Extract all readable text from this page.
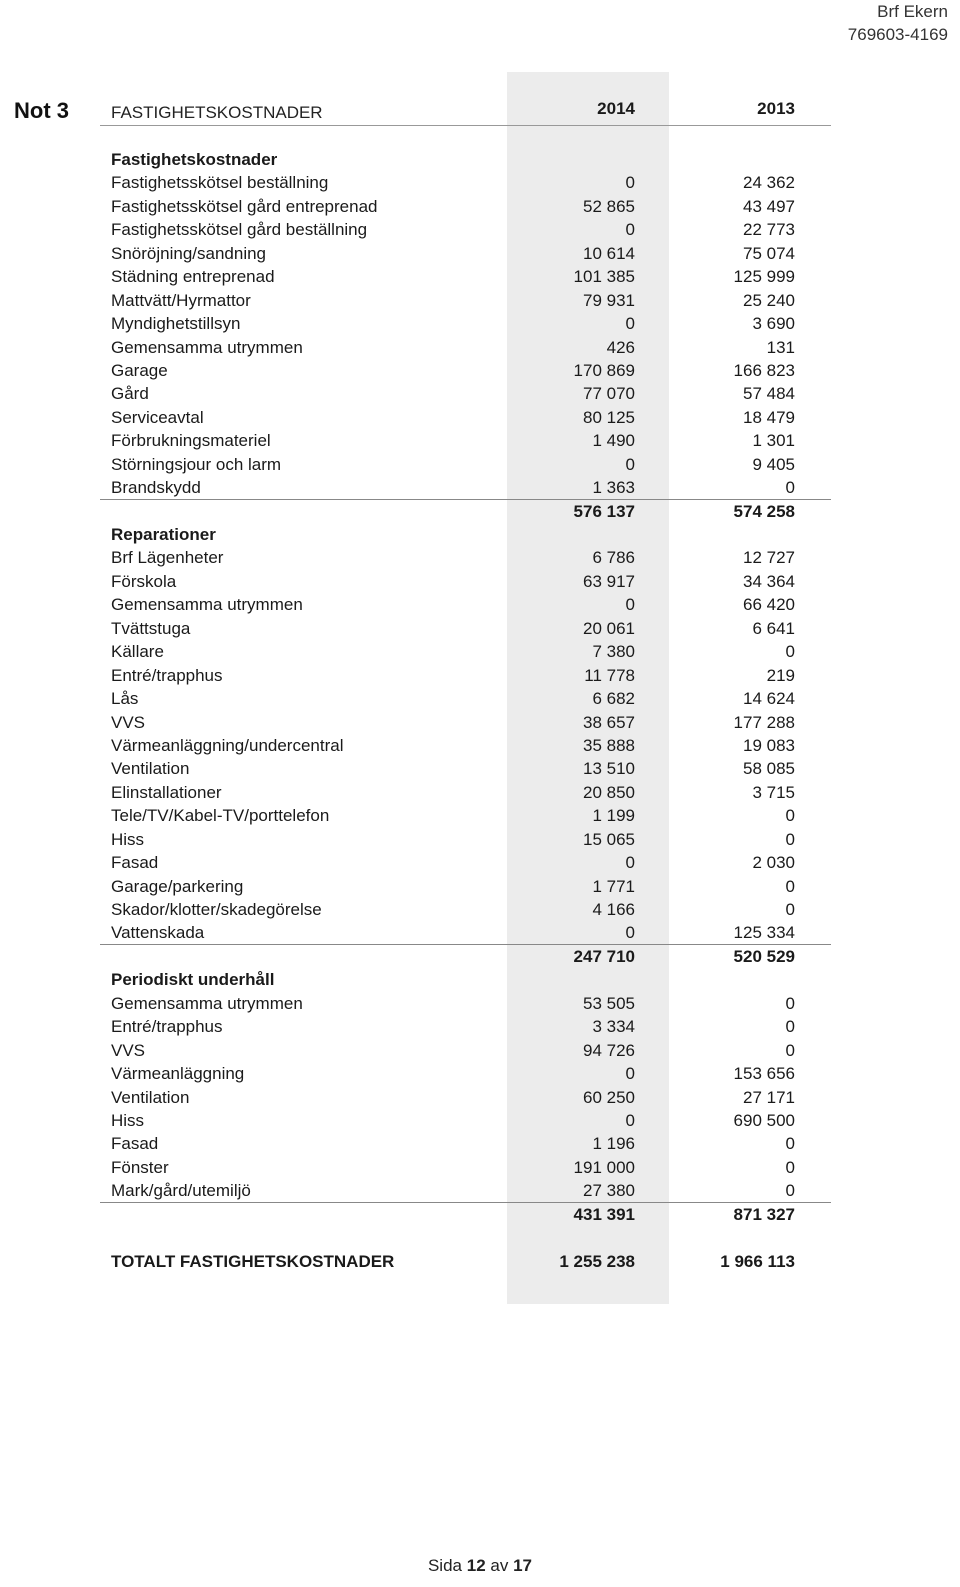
Brf Ekern
769603-4169
Not 3 FASTIGHETSKOSTNADER	2014	2013
Fastighetskostnader
Fastighetsskötsel beställning	0	24 362
Fastighetsskötsel gård entreprenad	52 865	43 497
Fastighetsskötsel gård beställning	0	22 773
Snöröjning/sandning	10 614	75 074
Städning entreprenad	101 385	125 999
Mattvätt/Hyrmattor	79 931	25 240
Myndighetstillsyn	0	3 690
Gemensamma utrymmen	426	131
Garage	170 869	166 823
Gård	77 070	57 484
Serviceavtal	80 125	18 479
Förbrukningsmateriel	1 490	1 301
Störningsjour och larm	0	9 405
Brandskydd	1 363	0
576 137	574 258
Reparationer
Brf Lägenheter	6 786	12 727
Förskola	63 917	34 364
Gemensamma utrymmen	0	66 420
Tvättstuga	20 061	6 641
Källare	7 380	0
Entré/trapphus	11 778	219
Lås	6 682	14 624
VVS	38 657	177 288
Värmeanläggning/undercentral	35 888	19 083
Ventilation	13 510	58 085
Elinstallationer	20 850	3 715
Tele/TV/Kabel-TV/porttelefon	1 199	0
Hiss	15 065	0
Fasad	0	2 030
Garage/parkering	1 771	0
Skador/klotter/skadegörelse	4 166	0
Vattenskada	0	125 334
247 710	520 529
Periodiskt underhåll
Gemensamma utrymmen	53 505	0
Entré/trapphus	3 334	0
VVS	94 726	0
Värmeanläggning	0	153 656
Ventilation	60 250	27 171
Hiss	0	690 500
Fasad	1 196	0
Fönster	191 000	0
Mark/gård/utemiljö	27 380	0
431 391	871 327
TOTALT FASTIGHETSKOSTNADER	1 255 238	1 966 113
Sida 12 av 17
